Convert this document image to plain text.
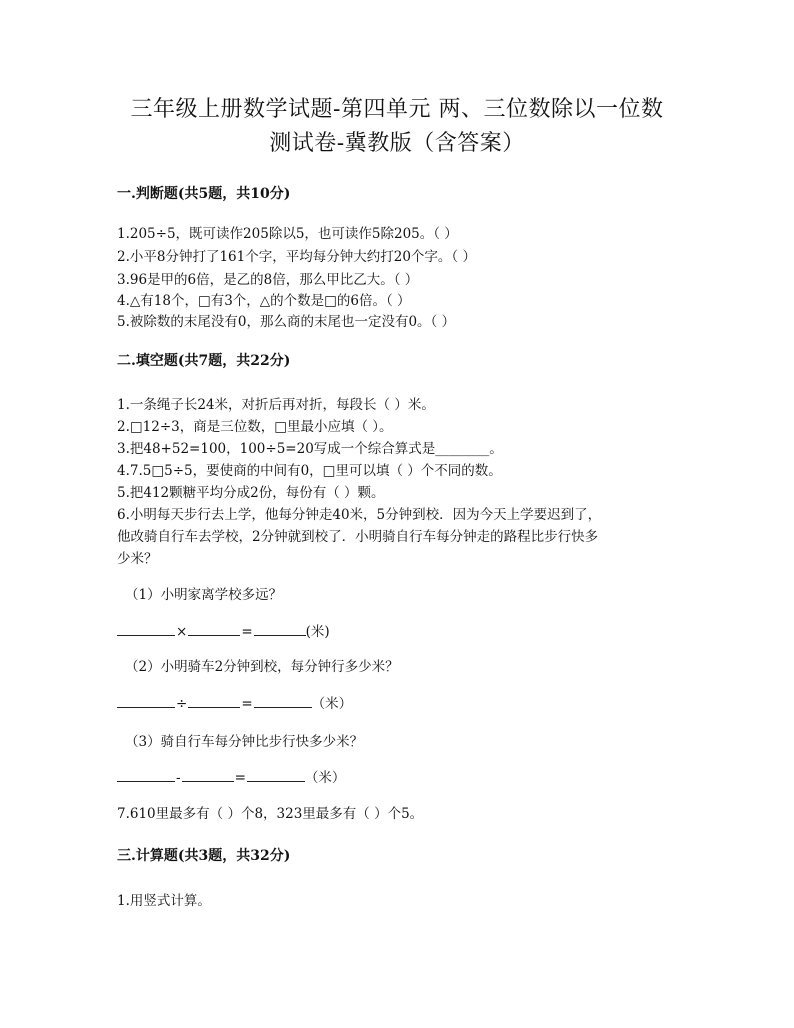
三年级上册数学试题-第四单元 两、三位数除以一位数
测试卷-冀教版（含答案）
一.判断题(共5题，共10分)
1.205÷5，既可读作205除以5，也可读作5除205。（ ）
2.小平8分钟打了161个字，平均每分钟大约打20个字。（ ）
3.96是甲的6倍，是乙的8倍，那么甲比乙大。（ ）
4.△有18个，□有3个，△的个数是□的6倍。（ ）
5.被除数的末尾没有0，那么商的末尾也一定没有0。（ ）
二.填空题(共7题，共22分)
1.一条绳子长24米，对折后再对折，每段长（ ）米。
2.□12÷3，商是三位数，□里最小应填（ ）。
3.把48+52=100，100÷5=20写成一个综合算式是________。
4.7.5□5÷5，要使商的中间有0，□里可以填（ ）个不同的数。
5.把412颗糖平均分成2份，每份有（ ）颗。
6.小明每天步行去上学，他每分钟走40米，5分钟到校．因为今天上学要迟到了，
他改骑自行车去学校，2分钟就到校了．小明骑自行车每分钟走的路程比步行快多
少米？
（1）小明家离学校多远？
×	=	(米)
（2）小明骑车2分钟到校，每分钟行多少米？
÷	=	（米）
（3）骑自行车每分钟比步行快多少米？
-	=	（米）
7.610里最多有（ ）个8，323里最多有（ ）个5。
三.计算题(共3题，共32分)
1.用竖式计算。
